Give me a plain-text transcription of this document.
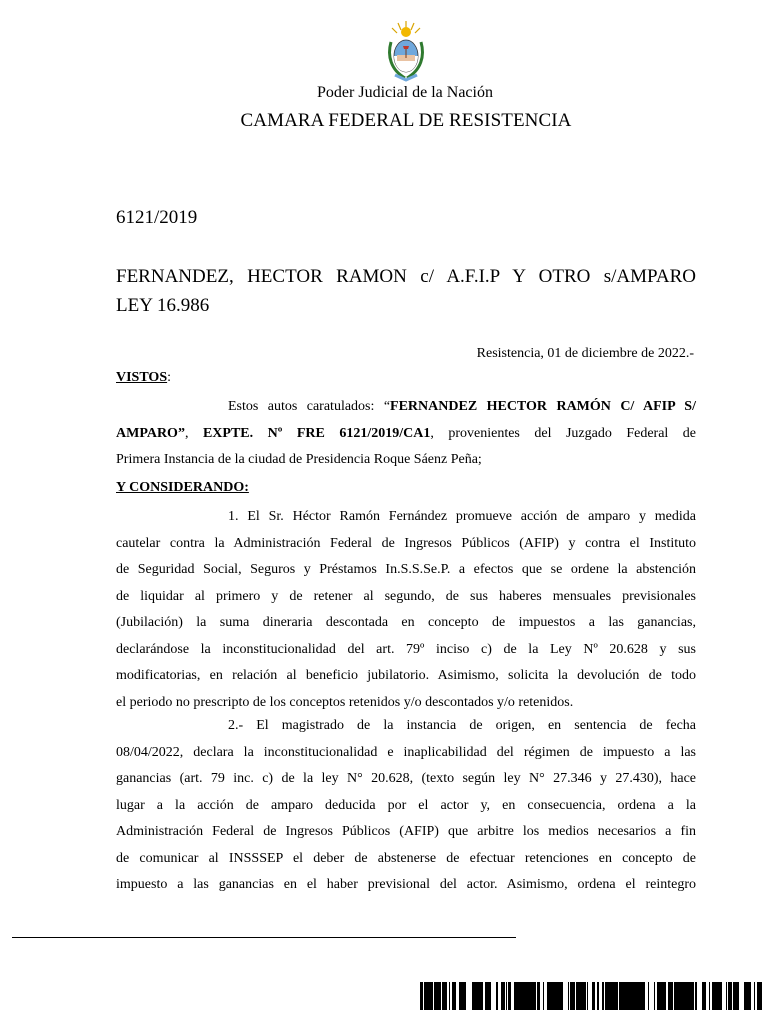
Poder Judicial de la Nación
CAMARA FEDERAL DE RESISTENCIA
6121/2019
FERNANDEZ, HECTOR RAMON c/ A.F.I.P Y OTRO s/AMPARO
LEY 16.986
Resistencia, 01 de diciembre de 2022.-
VISTOS:
Estos autos caratulados: “FERNANDEZ HECTOR RAMÓN C/ AFIP S/
AMPARO”, EXPTE. Nº FRE 6121/2019/CA1, provenientes del Juzgado Federal de
Primera Instancia de la ciudad de Presidencia Roque Sáenz Peña;
Y CONSIDERANDO:
1. El Sr. Héctor Ramón Fernández promueve acción de amparo y medida
cautelar contra la Administración Federal de Ingresos Públicos (AFIP) y contra el Instituto
de Seguridad Social, Seguros y Préstamos In.S.S.Se.P. a efectos que se ordene la abstención
de liquidar al primero y de retener al segundo, de sus haberes mensuales previsionales
(Jubilación) la suma dineraria descontada en concepto de impuestos a las ganancias,
declarándose la inconstitucionalidad del art. 79º inciso c) de la Ley Nº 20.628 y sus
modificatorias, en relación al beneficio jubilatorio. Asimismo, solicita la devolución de todo
el periodo no prescripto de los conceptos retenidos y/o descontados y/o retenidos.
2.- El magistrado de la instancia de origen, en sentencia de fecha
08/04/2022, declara la inconstitucionalidad e inaplicabilidad del régimen de impuesto a las
ganancias (art. 79 inc. c) de la ley N° 20.628, (texto según ley N° 27.346 y 27.430), hace
lugar a la acción de amparo deducida por el actor y, en consecuencia, ordena a la
Administración Federal de Ingresos Públicos (AFIP) que arbitre los medios necesarios a fin
de comunicar al INSSSEP el deber de abstenerse de efectuar retenciones en concepto de
impuesto a las ganancias en el haber previsional del actor. Asimismo, ordena el reintegro
